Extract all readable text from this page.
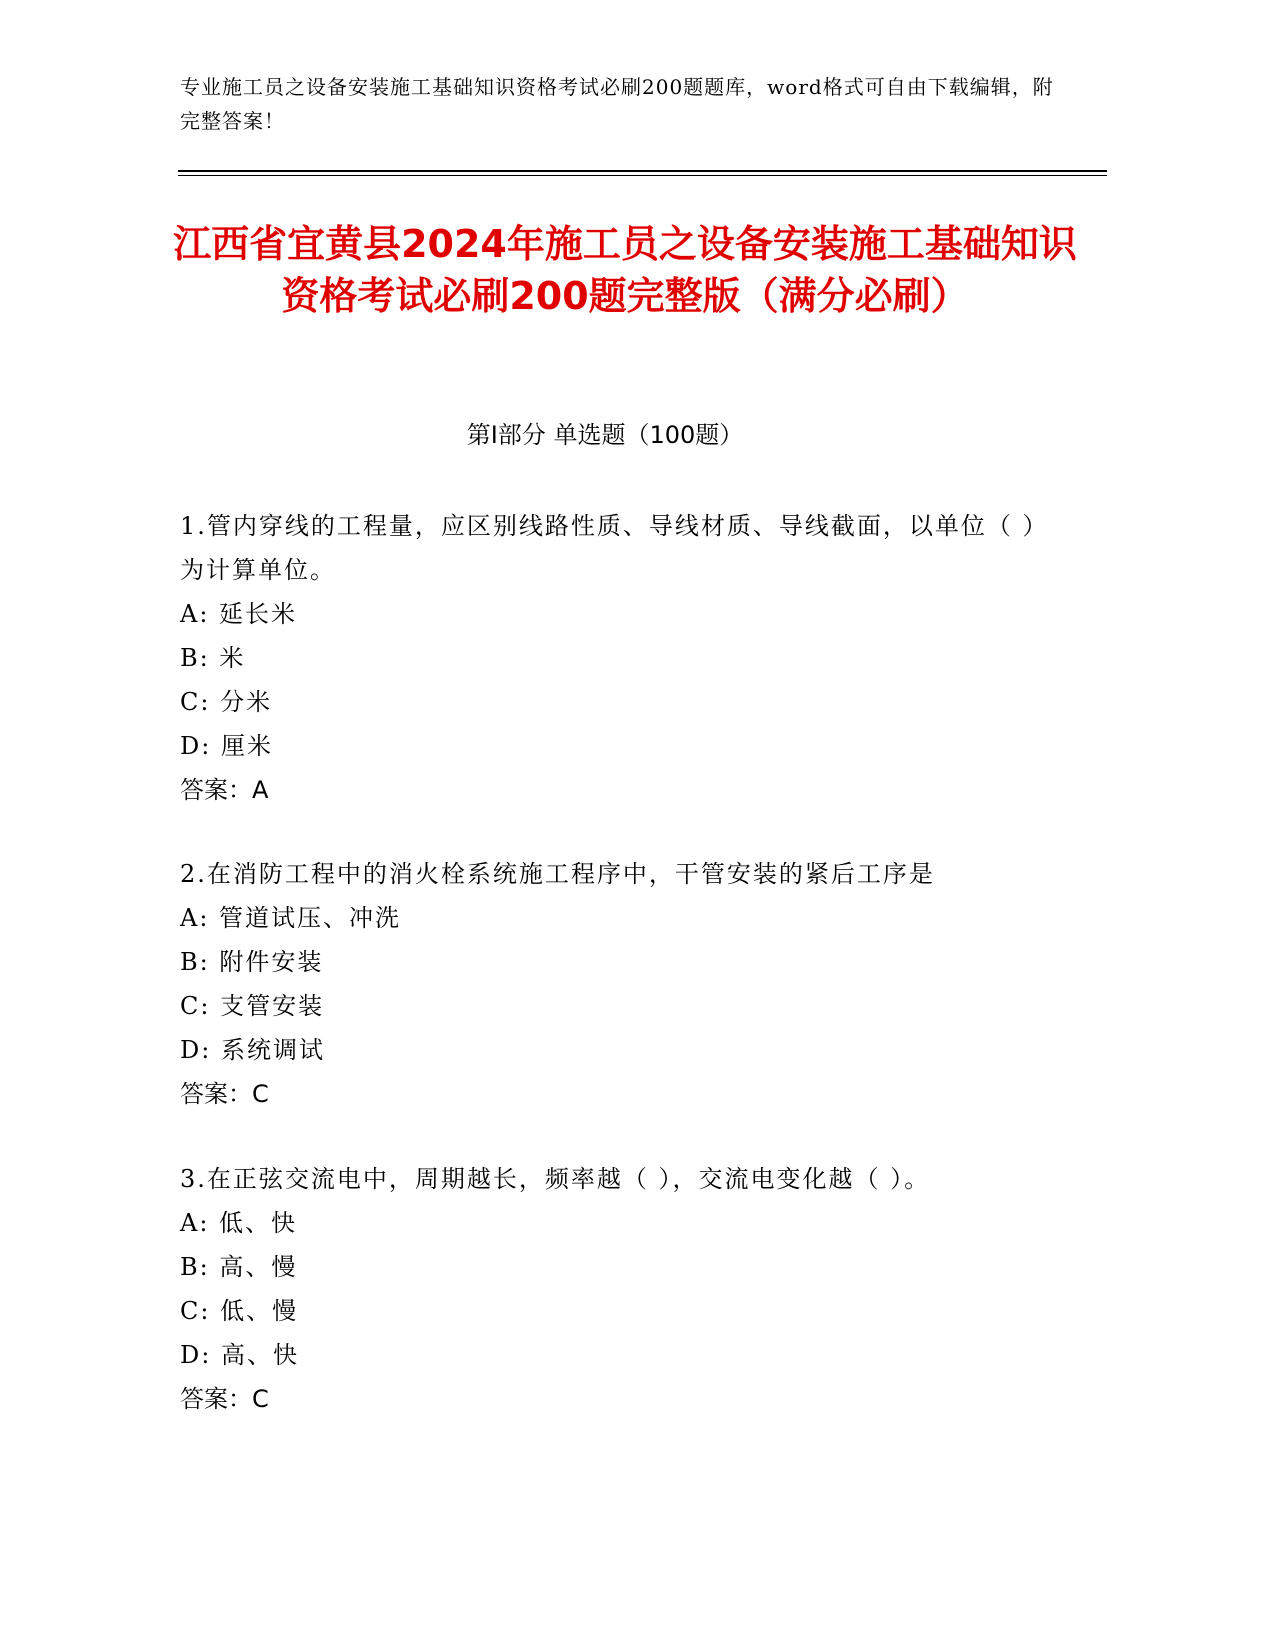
专业施工员之设备安装施工基础知识资格考试必刷200题题库，word格式可自由下载编辑，附完整答案！
江西省宜黄县2024年施工员之设备安装施工基础知识资格考试必刷200题完整版（满分必刷）
第Ⅰ部分 单选题（100题）
1.管内穿线的工程量，应区别线路性质、导线材质、导线截面，以单位（ ）为计算单位。
A: 延长米
B: 米
C: 分米
D: 厘米
答案：A
2.在消防工程中的消火栓系统施工程序中，干管安装的紧后工序是
A: 管道试压、冲洗
B: 附件安装
C: 支管安装
D: 系统调试
答案：C
3.在正弦交流电中，周期越长，频率越（ ），交流电变化越（ ）。
A: 低、快
B: 高、慢
C: 低、慢
D: 高、快
答案：C
